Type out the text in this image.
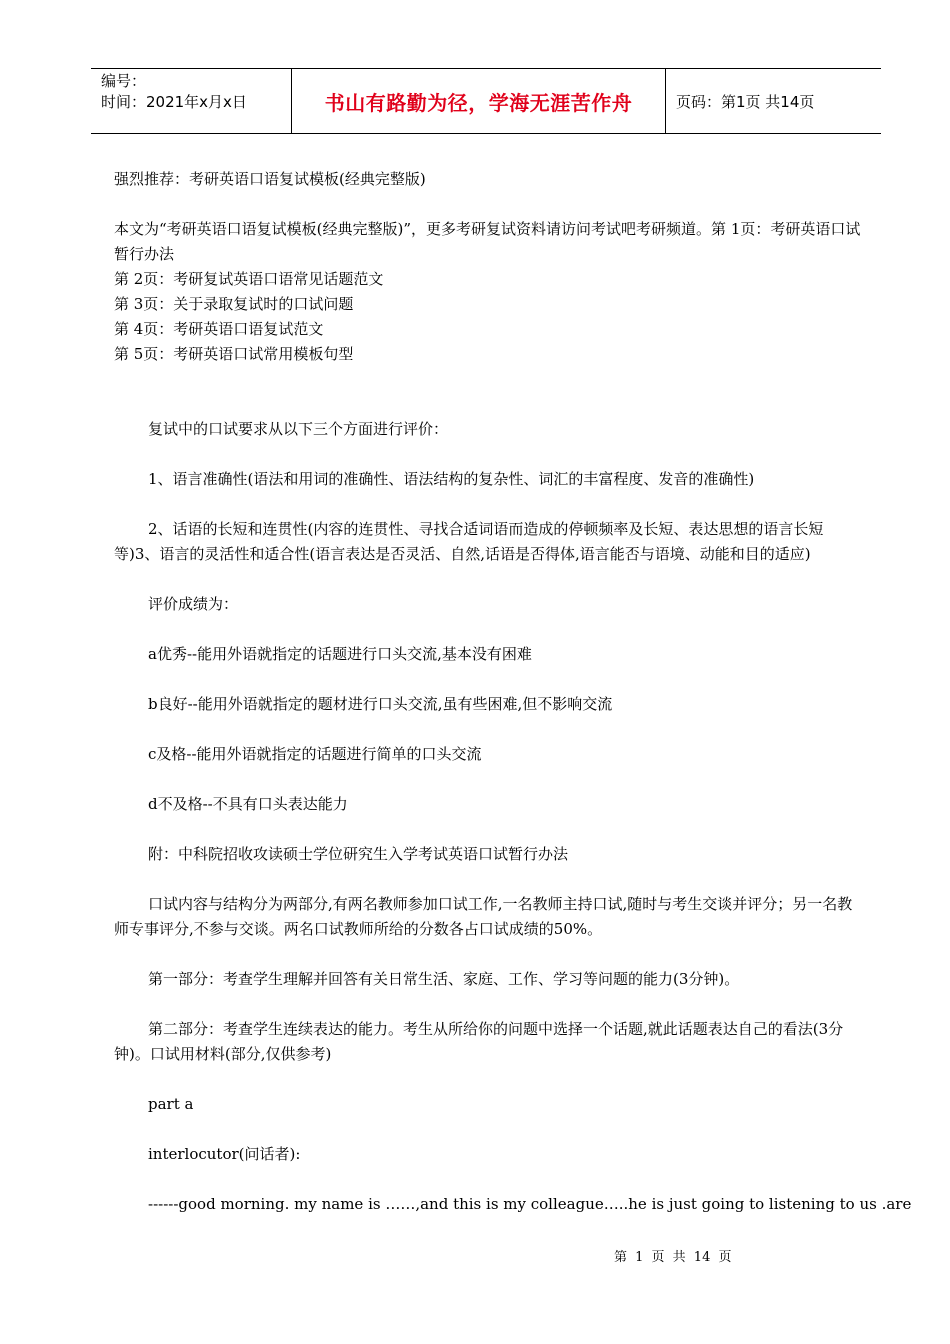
编号：
时间：2021年x月x日	书山有路勤为径，学海无涯苦作舟	页码：第1页 共14页

强烈推荐：考研英语口语复试模板(经典完整版)

本文为“考研英语口语复试模板(经典完整版)”，更多考研复试资料请访问考试吧考研频道。第 1页：考研英语口试暂行办法

第 2页：考研复试英语口语常见话题范文

第 3页：关于录取复试时的口试问题

第 4页：考研英语口语复试范文

第 5页：考研英语口试常用模板句型

复试中的口试要求从以下三个方面进行评价：

1、语言准确性(语法和用词的准确性、语法结构的复杂性、词汇的丰富程度、发音的准确性)

2、话语的长短和连贯性(内容的连贯性、寻找合适词语而造成的停顿频率及长短、表达思想的语言长短等)3、语言的灵活性和适合性(语言表达是否灵活、自然,话语是否得体,语言能否与语境、动能和目的适应)

评价成绩为：

a优秀--能用外语就指定的话题进行口头交流,基本没有困难

b良好--能用外语就指定的题材进行口头交流,虽有些困难,但不影响交流

c及格--能用外语就指定的话题进行简单的口头交流

d不及格--不具有口头表达能力

附：中科院招收攻读硕士学位研究生入学考试英语口试暂行办法

口试内容与结构分为两部分,有两名教师参加口试工作,一名教师主持口试,随时与考生交谈并评分；另一名教师专事评分,不参与交谈。两名口试教师所给的分数各占口试成绩的50%。

第一部分：考查学生理解并回答有关日常生活、家庭、工作、学习等问题的能力(3分钟)。

第二部分：考查学生连续表达的能力。考生从所给你的问题中选择一个话题,就此话题表达自己的看法(3分钟)。口试用材料(部分,仅供参考)

part a

interlocutor(问话者):

------good morning. my name is ……,and this is my colleague…..he is just going to listening to us .are

第 1 页 共 14 页
